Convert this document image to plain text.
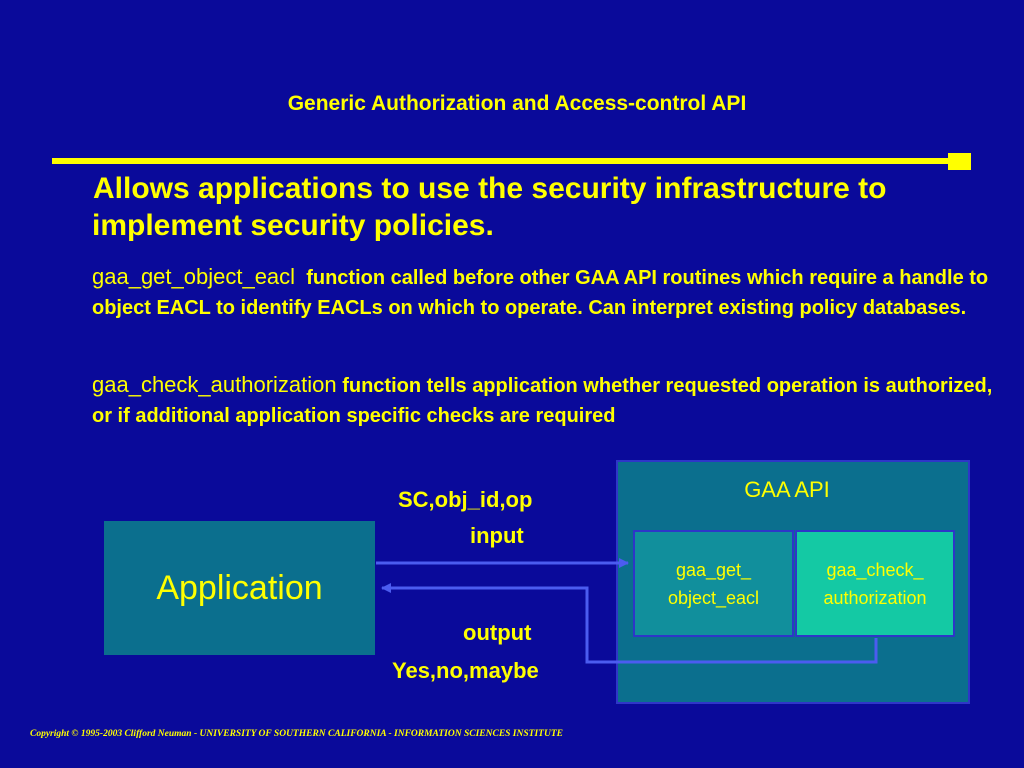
Generic Authorization and Access-control API
Allows applications to use the security infrastructure to implement security policies.
gaa_get_object_eacl function called before other GAA API routines which require a handle to object EACL to identify EACLs on which to operate. Can interpret existing policy databases.
gaa_check_authorization function tells application whether requested operation is authorized, or if additional application specific checks are required
GAA API
gaa_get_
object_eacl
gaa_check_
authorization
Application
SC,obj_id,op
input
output
Yes,no,maybe
Copyright © 1995-2003 Clifford Neuman - UNIVERSITY OF SOUTHERN CALIFORNIA - INFORMATION SCIENCES INSTITUTE
